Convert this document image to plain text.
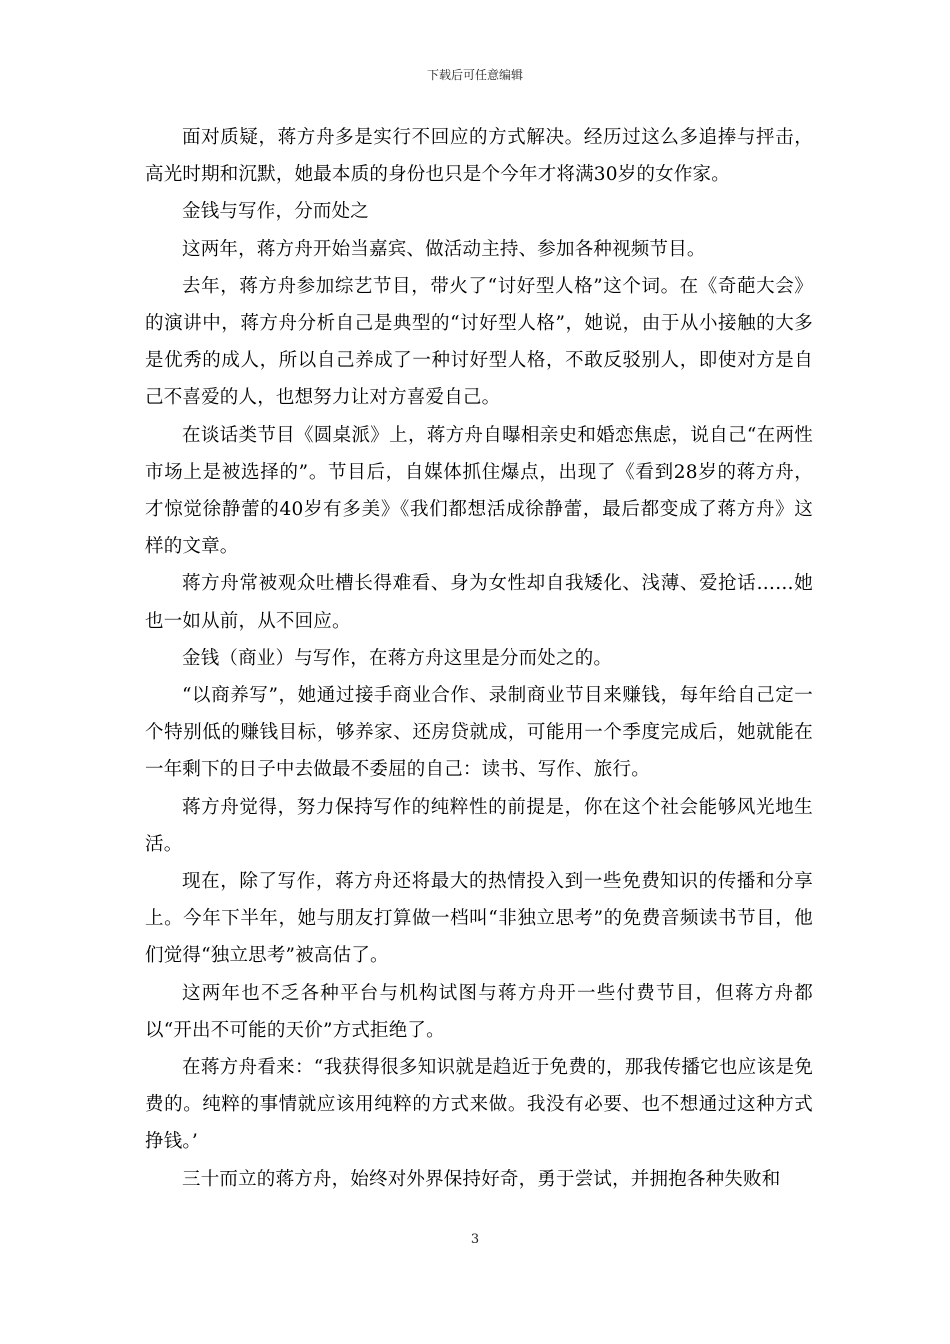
下载后可任意编辑

面对质疑，蒋方舟多是实行不回应的方式解决。经历过这么多追捧与抨击，高光时期和沉默，她最本质的身份也只是个今年才将满30岁的女作家。

金钱与写作，分而处之

这两年，蒋方舟开始当嘉宾、做活动主持、参加各种视频节目。

去年，蒋方舟参加综艺节目，带火了“讨好型人格”这个词。在《奇葩大会》的演讲中，蒋方舟分析自己是典型的“讨好型人格”，她说，由于从小接触的大多是优秀的成人，所以自己养成了一种讨好型人格，不敢反驳别人，即使对方是自己不喜爱的人，也想努力让对方喜爱自己。

在谈话类节目《圆桌派》上，蒋方舟自曝相亲史和婚恋焦虑，说自己“在两性市场上是被选择的”。节目后，自媒体抓住爆点，出现了《看到28岁的蒋方舟，才惊觉徐静蕾的40岁有多美》《我们都想活成徐静蕾，最后都变成了蒋方舟》这样的文章。

蒋方舟常被观众吐槽长得难看、身为女性却自我矮化、浅薄、爱抢话……她也一如从前，从不回应。

金钱（商业）与写作，在蒋方舟这里是分而处之的。

“以商养写”，她通过接手商业合作、录制商业节目来赚钱，每年给自己定一个特别低的赚钱目标，够养家、还房贷就成，可能用一个季度完成后，她就能在一年剩下的日子中去做最不委屈的自己：读书、写作、旅行。

蒋方舟觉得，努力保持写作的纯粹性的前提是，你在这个社会能够风光地生活。

现在，除了写作，蒋方舟还将最大的热情投入到一些免费知识的传播和分享上。今年下半年，她与朋友打算做一档叫“非独立思考”的免费音频读书节目，他们觉得“独立思考”被高估了。

这两年也不乏各种平台与机构试图与蒋方舟开一些付费节目，但蒋方舟都以“开出不可能的天价”方式拒绝了。

在蒋方舟看来：“我获得很多知识就是趋近于免费的，那我传播它也应该是免费的。纯粹的事情就应该用纯粹的方式来做。我没有必要、也不想通过这种方式挣钱。’

三十而立的蒋方舟，始终对外界保持好奇，勇于尝试，并拥抱各种失败和

3
